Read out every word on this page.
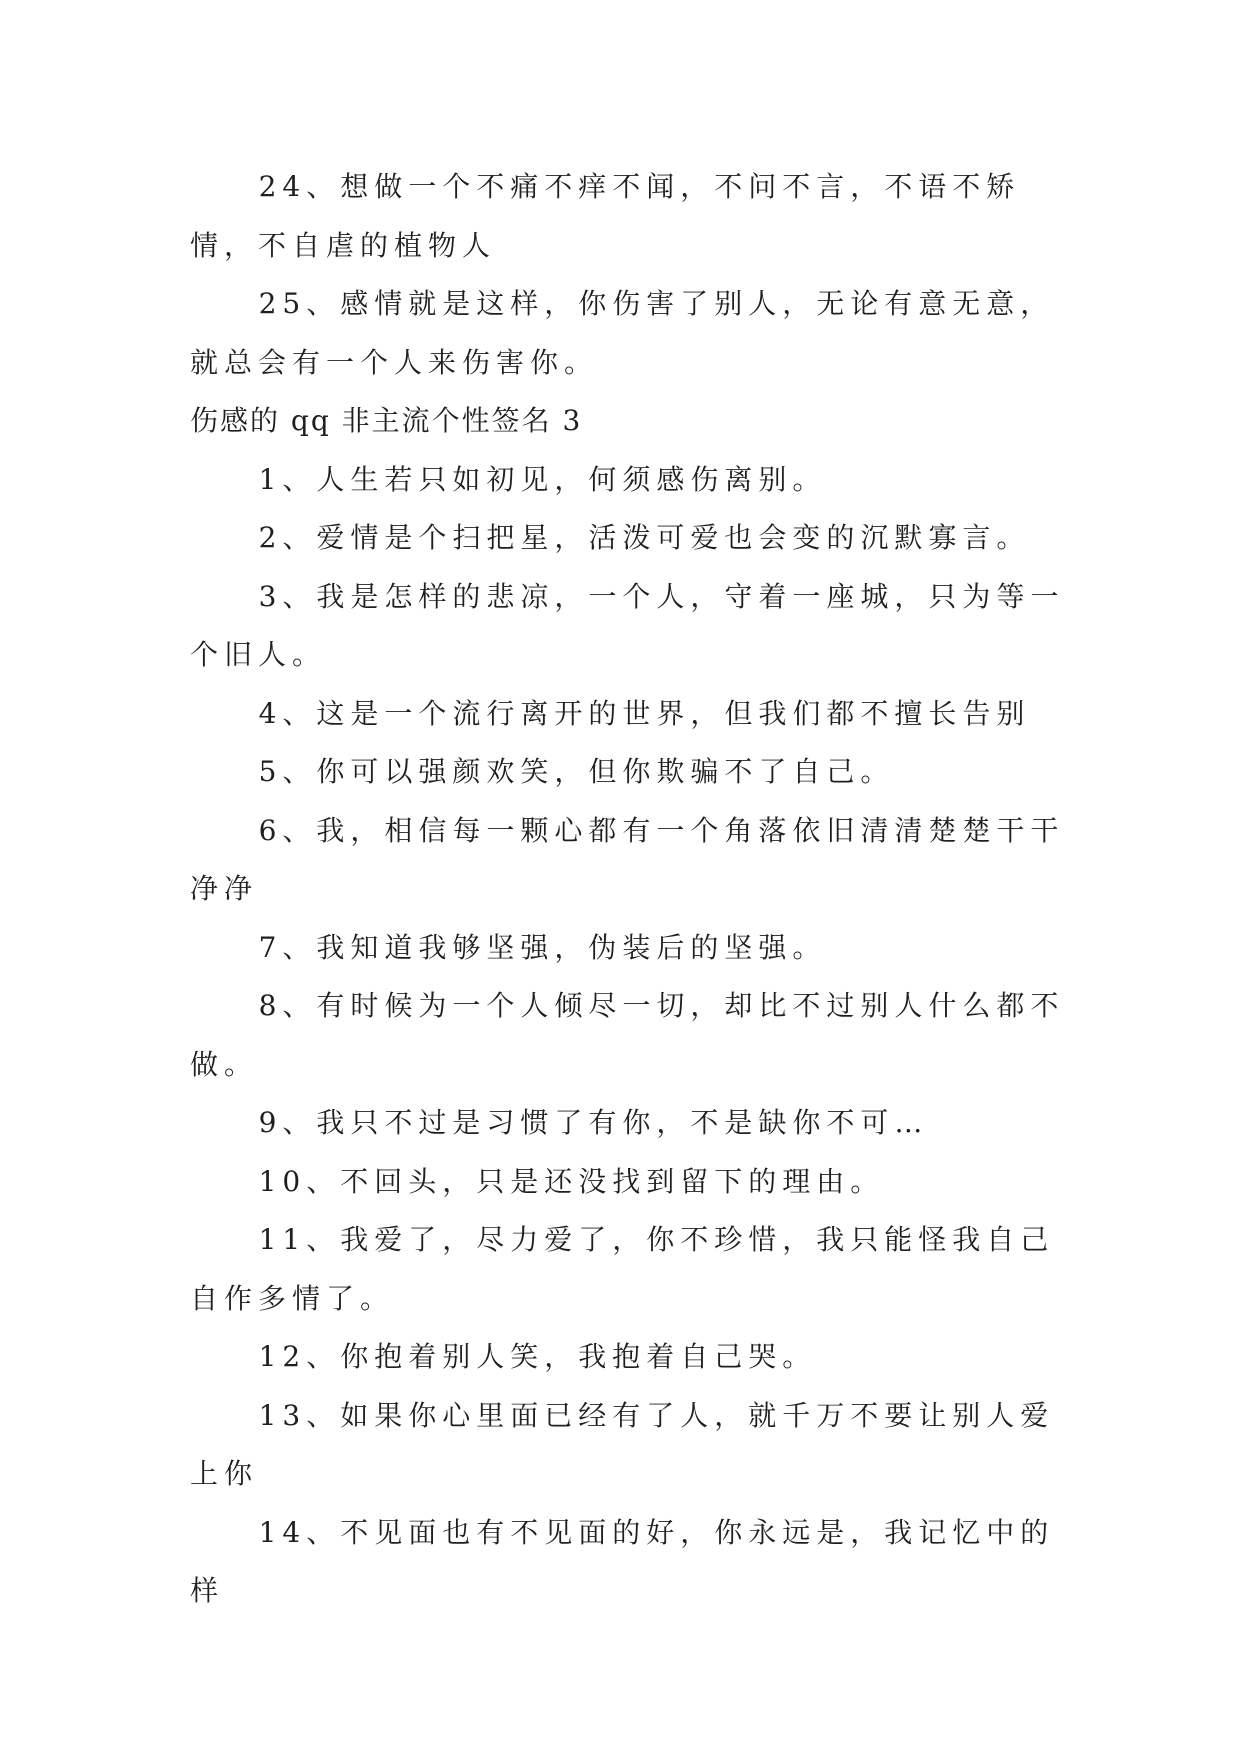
24、想做一个不痛不痒不闻，不问不言，不语不矫情，不自虐的植物人

25、感情就是这样，你伤害了别人，无论有意无意，就总会有一个人来伤害你。

伤感的 qq 非主流个性签名 3

1、人生若只如初见，何须感伤离别。

2、爱情是个扫把星，活泼可爱也会变的沉默寡言。

3、我是怎样的悲凉，一个人，守着一座城，只为等一个旧人。

4、这是一个流行离开的世界，但我们都不擅长告别

5、你可以强颜欢笑，但你欺骗不了自己。

6、我，相信每一颗心都有一个角落依旧清清楚楚干干净净

7、我知道我够坚强，伪装后的坚强。

8、有时候为一个人倾尽一切，却比不过别人什么都不做。

9、我只不过是习惯了有你，不是缺你不可…

10、不回头，只是还没找到留下的理由。

11、我爱了，尽力爱了，你不珍惜，我只能怪我自己自作多情了。

12、你抱着别人笑，我抱着自己哭。

13、如果你心里面已经有了人，就千万不要让别人爱上你

14、不见面也有不见面的好，你永远是，我记忆中的样
